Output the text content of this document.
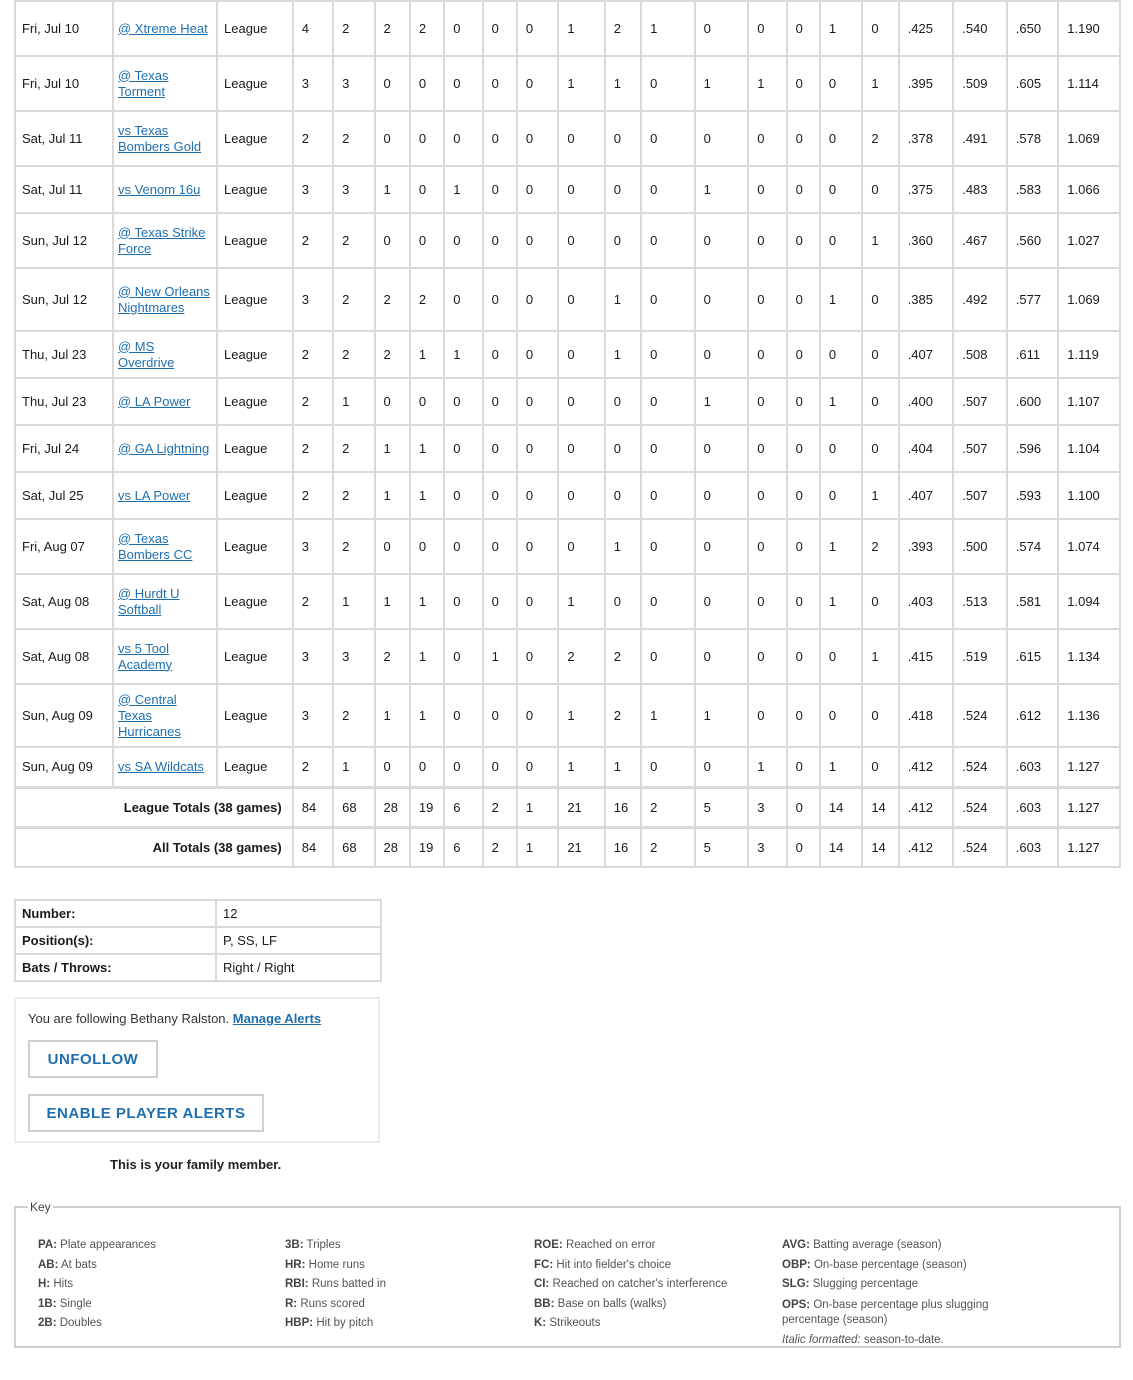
Fri, Jul 10	@ Xtreme Heat	League	4	2	2	2	0	0	0	1	2	1	0	0	0	1	0	.425	.540	.650	1.190
Fri, Jul 10	@ Texas Torment	League	3	3	0	0	0	0	0	1	1	0	1	1	0	0	1	.395	.509	.605	1.114
Sat, Jul 11	vs Texas Bombers Gold	League	2	2	0	0	0	0	0	0	0	0	0	0	0	0	2	.378	.491	.578	1.069
Sat, Jul 11	vs Venom 16u	League	3	3	1	0	1	0	0	0	0	0	1	0	0	0	0	.375	.483	.583	1.066
Sun, Jul 12	@ Texas Strike Force	League	2	2	0	0	0	0	0	0	0	0	0	0	0	0	1	.360	.467	.560	1.027
Sun, Jul 12	@ New Orleans Nightmares	League	3	2	2	2	0	0	0	0	1	0	0	0	0	1	0	.385	.492	.577	1.069
Thu, Jul 23	@ MS Overdrive	League	2	2	2	1	1	0	0	0	1	0	0	0	0	0	0	.407	.508	.611	1.119
Thu, Jul 23	@ LA Power	League	2	1	0	0	0	0	0	0	0	0	1	0	0	1	0	.400	.507	.600	1.107
Fri, Jul 24	@ GA Lightning	League	2	2	1	1	0	0	0	0	0	0	0	0	0	0	0	.404	.507	.596	1.104
Sat, Jul 25	vs LA Power	League	2	2	1	1	0	0	0	0	0	0	0	0	0	0	1	.407	.507	.593	1.100
Fri, Aug 07	@ Texas Bombers CC	League	3	2	0	0	0	0	0	0	1	0	0	0	0	1	2	.393	.500	.574	1.074
Sat, Aug 08	@ Hurdt U Softball	League	2	1	1	1	0	0	0	1	0	0	0	0	0	1	0	.403	.513	.581	1.094
Sat, Aug 08	vs 5 Tool Academy	League	3	3	2	1	0	1	0	2	2	0	0	0	0	0	1	.415	.519	.615	1.134
Sun, Aug 09	@ Central Texas Hurricanes	League	3	2	1	1	0	0	0	1	2	1	1	0	0	0	0	.418	.524	.612	1.136
Sun, Aug 09	vs SA Wildcats	League	2	1	0	0	0	0	0	1	1	0	0	1	0	1	0	.412	.524	.603	1.127
League Totals (38 games)			84	68	28	19	6	2	1	21	16	2	5	3	0	14	14	.412	.524	.603	1.127
All Totals (38 games)			84	68	28	19	6	2	1	21	16	2	5	3	0	14	14	.412	.524	.603	1.127
Number:	12
Position(s):	P, SS, LF
Bats / Throws:	Right / Right
You are following Bethany Ralston. Manage Alerts
UNFOLLOW
ENABLE PLAYER ALERTS
This is your family member.
Key
PA: Plate appearances
AB: At bats
H: Hits
1B: Single
2B: Doubles
3B: Triples
HR: Home runs
RBI: Runs batted in
R: Runs scored
HBP: Hit by pitch
ROE: Reached on error
FC: Hit into fielder's choice
CI: Reached on catcher's interference
BB: Base on balls (walks)
K: Strikeouts
AVG: Batting average (season)
OBP: On-base percentage (season)
SLG: Slugging percentage
OPS: On-base percentage plus slugging percentage (season)
Italic formatted: season-to-date.
